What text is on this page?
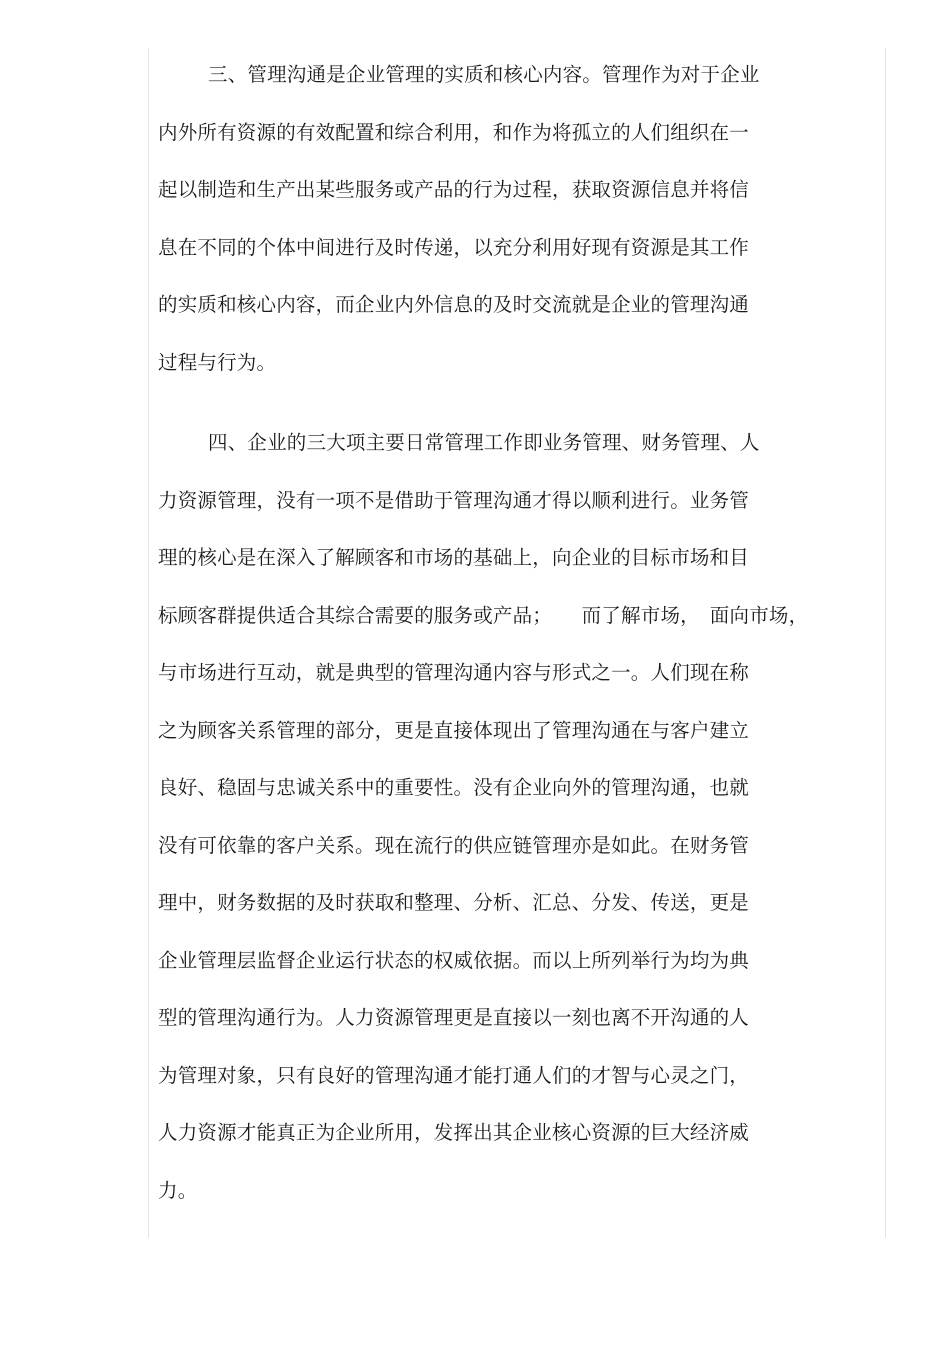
三、管理沟通是企业管理的实质和核心内容。管理作为对于企业
内外所有资源的有效配置和综合利用，和作为将孤立的人们组织在一
起以制造和生产出某些服务或产品的行为过程，获取资源信息并将信
息在不同的个体中间进行及时传递，以充分利用好现有资源是其工作
的实质和核心内容，而企业内外信息的及时交流就是企业的管理沟通
过程与行为。
四、企业的三大项主要日常管理工作即业务管理、财务管理、人
力资源管理，没有一项不是借助于管理沟通才得以顺利进行。业务管
理的核心是在深入了解顾客和市场的基础上，向企业的目标市场和目
标顾客群提供适合其综合需要的服务或产品；　　而了解市场，　面向市场，
与市场进行互动，就是典型的管理沟通内容与形式之一。人们现在称
之为顾客关系管理的部分，更是直接体现出了管理沟通在与客户建立
良好、稳固与忠诚关系中的重要性。没有企业向外的管理沟通，也就
没有可依靠的客户关系。现在流行的供应链管理亦是如此。在财务管
理中，财务数据的及时获取和整理、分析、汇总、分发、传送，更是
企业管理层监督企业运行状态的权威依据。而以上所列举行为均为典
型的管理沟通行为。人力资源管理更是直接以一刻也离不开沟通的人
为管理对象，只有良好的管理沟通才能打通人们的才智与心灵之门，
人力资源才能真正为企业所用，发挥出其企业核心资源的巨大经济威
力。
